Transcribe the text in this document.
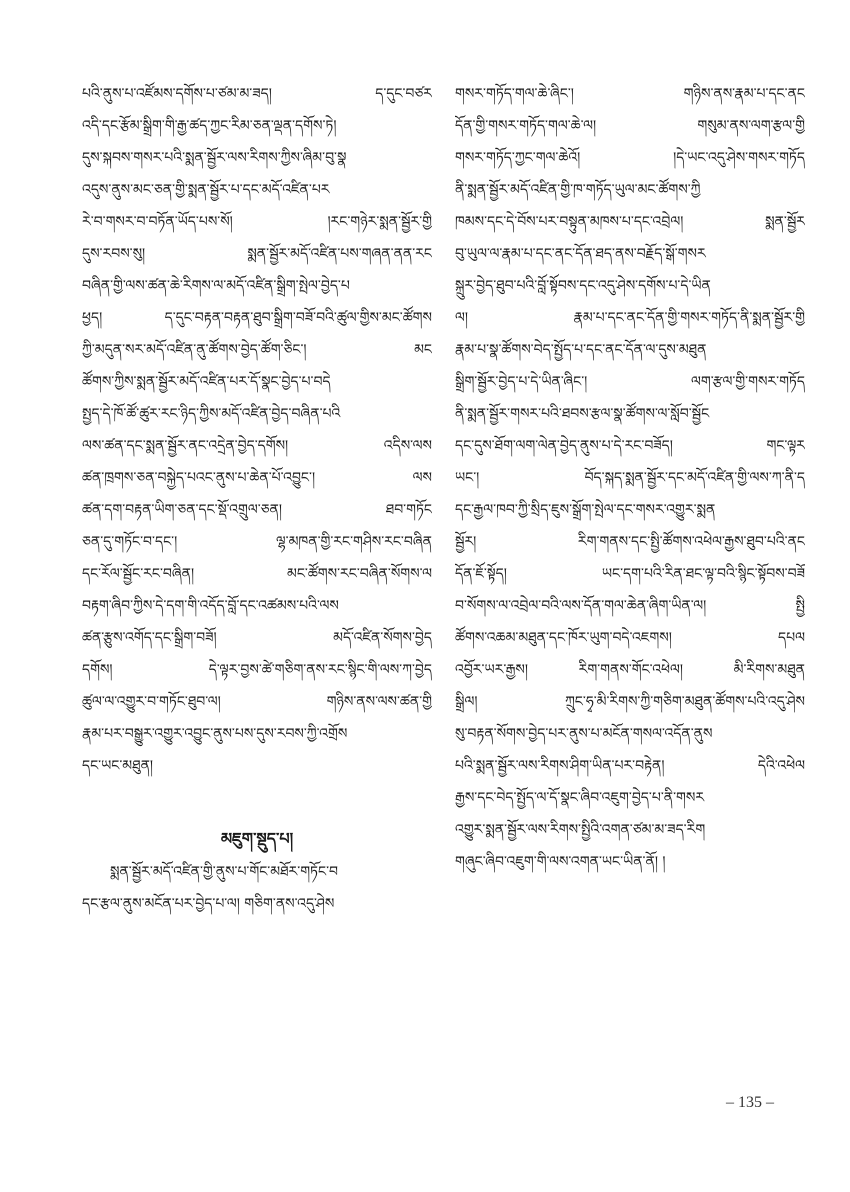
པའི་ནུས་པ་འཛོམས་དགོས་པ་ཙམ་མ་ཟད། ད་དུང་བཙར
འདི་དང་རྩོམ་སྒྲིག་གི་རྒྱ་ཚད་ཀྱང་རིམ་ཅན་ལྡན་དགོས་ཏེ།
དུས་སྐབས་གསར་པའི་སྨན་སྦྱོར་ལས་རིགས་ཀྱིས་ཞིམ་བུ་སྣ
འདུས་ནུས་མང་ཅན་གྱི་སྨན་སྦྱོར་པ་དང་མདོ་འཛིན་པར
རེ་བ་གསར་བ་བཏོན་ཡོད་པས་སོ། །རང་གཉེར་སྨན་སྦྱོར་གྱི
དུས་རབས་སུ། སྨན་སྦྱོར་མདོ་འཛིན་པས་གཞན་ནན་རང
བཞིན་གྱི་ལས་ཚན་ཆེ་རིགས་ལ་མདོ་འཛིན་སྒྲིག་སྤེལ་བྱེད་པ
ཕྱད། ད་དུང་བརྟན་བརྟན་ཐུབ་སྒྲིག་བཟོ་བའི་ཚུལ་གྱིས་མང་ཚོགས
ཀྱི་མདུན་སར་མདོ་འཛིན་ནུ་ཚོགས་བྱེད་ཚོག་ཅིང་། མང
ཚོགས་ཀྱིས་སྨན་སྦྱོར་མདོ་འཛིན་པར་དོ་སྣང་བྱེད་པ་བདེ
སྤྱད་དེ་ཁོ་ཚོ་ཚུར་རང་ཉིད་ཀྱིས་མདོ་འཛིན་བྱེད་བཞིན་པའི
ལས་ཚན་དང་སྨན་སྦྱོར་ནང་འདྲེན་བྱེད་དགོས། འདིས་ལས
ཚན་ཁྲགས་ཅན་བསྐྱེད་པའང་ནུས་པ་ཆེན་པོ་འབྱུང་། ལས
ཚན་དག་བརྟན་ཡིག་ཅན་དང་སྡོ་འགྲུལ་ཅན། ཐབ་གཏོང
ཅན་དུ་གཏོང་བ་དང་། ལྷ་མཁན་གྱི་རང་གཤིས་རང་བཞིན
དང་རོལ་སྦྱོང་རང་བཞིན། མང་ཚོགས་རང་བཞིན་སོགས་ལ
བརྟག་ཞིབ་ཀྱིས་དེ་དག་གི་འདོད་བློ་དང་འཚམས་པའི་ལས
ཚན་རྩུས་འགོད་དང་སྒྲིག་བཟོ། མདོ་འཛིན་སོགས་བྱེད
དགོས། དེ་ལྟར་བྱས་ཚེ་གཅིག་ནས་རང་སྙིང་གི་ལས་ཀ་བྱེད
ཚུལ་ལ་འགྱུར་བ་གཏོང་ཐུབ་ལ། གཉིས་ནས་ལས་ཚན་གྱི
རྣམ་པར་བསྒྱུར་འགྱུར་འབྱུང་ནུས་པས་དུས་རབས་ཀྱི་འགྲོས
དང་ཡང་མཐུན།
མཇུག་སྡུད་པ།
སྨན་སྦྱོར་མདོ་འཛིན་གྱི་ནུས་པ་གོང་མཐོར་གཏོང་བ
དང་རྩལ་ནུས་མངོན་པར་བྱེད་པ་ལ། གཅིག་ནས་འདུ་ཤེས
གསར་གཏོད་གལ་ཆེ་ཞིང་། གཉིས་ནས་རྣམ་པ་དང་ནང
དོན་གྱི་གསར་གཏོད་གལ་ཆེ་ལ། གསུམ་ནས་ལག་རྩལ་གྱི
གསར་གཏོད་ཀྱང་གལ་ཆེའོ། །དེ་ཡང་འདུ་ཤེས་གསར་གཏོད
ནི་སྨན་སྦྱོར་མདོ་འཛིན་གྱི་ཁ་གཏོད་ཡུལ་མང་ཚོགས་ཀྱི
ཁམས་དང་དེ་བོས་པར་བསྟུན་མཁས་པ་དང་འབྲེལ། སྨན་སྦྱོར
བུ་ཡུལ་ལ་རྣམ་པ་དང་ནང་དོན་ཐད་ནས་བརྗོད་སྒོ་གསར
སྐྲུར་བྱེད་ཐུབ་པའི་བློ་སྟོབས་དང་འདུ་ཤེས་དགོས་པ་དེ་ཡིན
ལ། རྣམ་པ་དང་ནང་དོན་གྱི་གསར་གཏོད་ནི་སྨན་སྦྱོར་གྱི
རྣམ་པ་སྣ་ཚོགས་བེད་སྤྱོད་པ་དང་ནང་དོན་ལ་དུས་མཐུན
སྒྲིག་སྦྱོར་བྱེད་པ་དེ་ཡིན་ཞིང་། ལག་རྩལ་གྱི་གསར་གཏོད
ནི་སྨན་སྦྱོར་གསར་པའི་ཐབས་རྩལ་སྣ་ཚོགས་ལ་སློབ་སྦྱོང
དང་དུས་ཐོག་ལག་ལེན་བྱེད་ནུས་པ་དེ་རང་བཟོད། གང་ལྟར
ཡང་། བོད་སྐད་སྨན་སྦྱོར་དང་མདོ་འཛིན་གྱི་ལས་ཀ་ནི་ད
དང་རྒྱལ་ཁབ་ཀྱི་སྲིད་ཇུས་སྒྲོག་སྤེལ་དང་གསར་འགྱུར་སྨན
སྦྱོར། རིག་གནས་དང་སྤྱི་ཚོགས་འཕེལ་རྒྱས་ཐུབ་པའི་ནང
དོན་ཇོ་སྟོད། ཡང་དག་པའི་རིན་ཐང་ལྟ་བའི་སྙིང་སྟོབས་བཟོ
བ་སོགས་ལ་འབྲེལ་བའི་ལས་དོན་གལ་ཆེན་ཞིག་ཡིན་ལ། སྤྱི
ཚོགས་འཆམ་མཐུན་དང་ཁོར་ཡུག་བདེ་འཇགས། དཔལ
འབྱོར་ཡར་རྒྱས། རིག་གནས་གོང་འཕེལ། མི་རིགས་མཐུན
སྒྲིལ། ཀྲུང་ཧྭ་མི་རིགས་ཀྱི་གཅིག་མཐུན་ཚོགས་པའི་འདུ་ཤེས
སུ་བརྟན་སོགས་བྱེད་པར་ནུས་པ་མངོན་གསལ་འདོན་ནུས
པའི་སྨན་སྦྱོར་ལས་རིགས་ཤིག་ཡིན་པར་བརྟེན། དེའི་འཕེལ
རྒྱས་དང་བེད་སྤྱོད་ལ་དོ་སྣང་ཞིབ་འཇུག་བྱེད་པ་ནི་གསར
འགྱུར་སྨན་སྦྱོར་ལས་རིགས་སྤྱིའི་འགན་ཙམ་མ་ཟད་རིག
གཞུང་ཞིབ་འཇུག་གི་ལས་འགན་ཡང་ཡིན་ནོ། །
– 135 –
